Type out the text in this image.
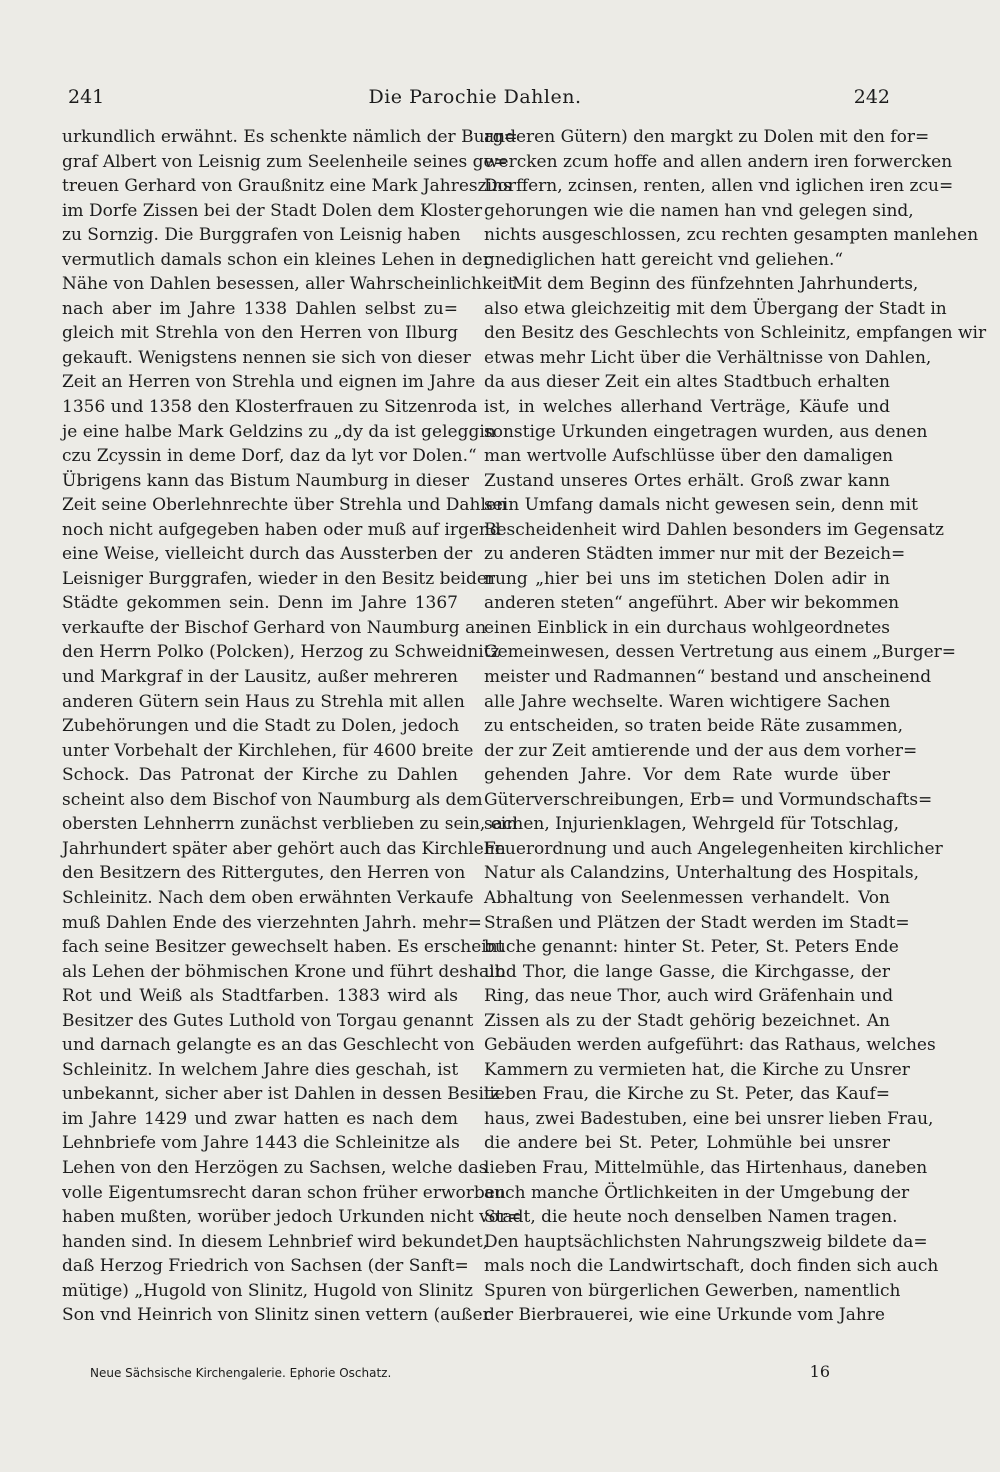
241	Die Parochie Dahlen.	242
urkundlich erwähnt. Es schenkte nämlich der Burg=
graf Albert von Leisnig zum Seelenheile seines ge=
treuen Gerhard von Graußnitz eine Mark Jahreszins
im Dorfe Zissen bei der Stadt Dolen dem Kloster
zu Sornzig. Die Burggrafen von Leisnig haben
vermutlich damals schon ein kleines Lehen in der
Nähe von Dahlen besessen, aller Wahrscheinlichkeit
nach aber im Jahre 1338 Dahlen selbst zu=
gleich mit Strehla von den Herren von Ilburg
gekauft. Wenigstens nennen sie sich von dieser
Zeit an Herren von Strehla und eignen im Jahre
1356 und 1358 den Klosterfrauen zu Sitzenroda
je eine halbe Mark Geldzins zu „dy da ist geleggin
czu Zcyssin in deme Dorf, daz da lyt vor Dolen.“
Übrigens kann das Bistum Naumburg in dieser
Zeit seine Oberlehnrechte über Strehla und Dahlen
noch nicht aufgegeben haben oder muß auf irgend
eine Weise, vielleicht durch das Aussterben der
Leisniger Burggrafen, wieder in den Besitz beider
Städte gekommen sein. Denn im Jahre 1367
verkaufte der Bischof Gerhard von Naumburg an
den Herrn Polko (Polcken), Herzog zu Schweidnitz
und Markgraf in der Lausitz, außer mehreren
anderen Gütern sein Haus zu Strehla mit allen
Zubehörungen und die Stadt zu Dolen, jedoch
unter Vorbehalt der Kirchlehen, für 4600 breite
Schock. Das Patronat der Kirche zu Dahlen
scheint also dem Bischof von Naumburg als dem
obersten Lehnherrn zunächst verblieben zu sein, ein
Jahrhundert später aber gehört auch das Kirchlehn
den Besitzern des Rittergutes, den Herren von
Schleinitz. Nach dem oben erwähnten Verkaufe
muß Dahlen Ende des vierzehnten Jahrh. mehr=
fach seine Besitzer gewechselt haben. Es erscheint
als Lehen der böhmischen Krone und führt deshalb
Rot und Weiß als Stadtfarben. 1383 wird als
Besitzer des Gutes Luthold von Torgau genannt
und darnach gelangte es an das Geschlecht von
Schleinitz. In welchem Jahre dies geschah, ist
unbekannt, sicher aber ist Dahlen in dessen Besitz
im Jahre 1429 und zwar hatten es nach dem
Lehnbriefe vom Jahre 1443 die Schleinitze als
Lehen von den Herzögen zu Sachsen, welche das
volle Eigentumsrecht daran schon früher erworben
haben mußten, worüber jedoch Urkunden nicht vor=
handen sind. In diesem Lehnbrief wird bekundet,
daß Herzog Friedrich von Sachsen (der Sanft=
mütige) „Hugold von Slinitz, Hugold von Slinitz
Son vnd Heinrich von Slinitz sinen vettern (außer
anderen Gütern) den margkt zu Dolen mit den for=
wercken zcum hoffe and allen andern iren forwercken
Dorffern, zcinsen, renten, allen vnd iglichen iren zcu=
gehorungen wie die namen han vnd gelegen sind,
nichts ausgeschlossen, zcu rechten gesampten manlehen
gnediglichen hatt gereicht vnd geliehen.“
Mit dem Beginn des fünfzehnten Jahrhunderts,
also etwa gleichzeitig mit dem Übergang der Stadt in
den Besitz des Geschlechts von Schleinitz, empfangen wir
etwas mehr Licht über die Verhältnisse von Dahlen,
da aus dieser Zeit ein altes Stadtbuch erhalten
ist, in welches allerhand Verträge, Käufe und
sonstige Urkunden eingetragen wurden, aus denen
man wertvolle Aufschlüsse über den damaligen
Zustand unseres Ortes erhält. Groß zwar kann
sein Umfang damals nicht gewesen sein, denn mit
Bescheidenheit wird Dahlen besonders im Gegensatz
zu anderen Städten immer nur mit der Bezeich=
nung „hier bei uns im stetichen Dolen adir in
anderen steten“ angeführt. Aber wir bekommen
einen Einblick in ein durchaus wohlgeordnetes
Gemeinwesen, dessen Vertretung aus einem „Burger=
meister und Radmannen“ bestand und anscheinend
alle Jahre wechselte. Waren wichtigere Sachen
zu entscheiden, so traten beide Räte zusammen,
der zur Zeit amtierende und der aus dem vorher=
gehenden Jahre. Vor dem Rate wurde über
Güterverschreibungen, Erb= und Vormundschafts=
sachen, Injurienklagen, Wehrgeld für Totschlag,
Feuerordnung und auch Angelegenheiten kirchlicher
Natur als Calandzins, Unterhaltung des Hospitals,
Abhaltung von Seelenmessen verhandelt. Von
Straßen und Plätzen der Stadt werden im Stadt=
buche genannt: hinter St. Peter, St. Peters Ende
und Thor, die lange Gasse, die Kirchgasse, der
Ring, das neue Thor, auch wird Gräfenhain und
Zissen als zu der Stadt gehörig bezeichnet. An
Gebäuden werden aufgeführt: das Rathaus, welches
Kammern zu vermieten hat, die Kirche zu Unsrer
lieben Frau, die Kirche zu St. Peter, das Kauf=
haus, zwei Badestuben, eine bei unsrer lieben Frau,
die andere bei St. Peter, Lohmühle bei unsrer
lieben Frau, Mittelmühle, das Hirtenhaus, daneben
auch manche Örtlichkeiten in der Umgebung der
Stadt, die heute noch denselben Namen tragen.
Den hauptsächlichsten Nahrungszweig bildete da=
mals noch die Landwirtschaft, doch finden sich auch
Spuren von bürgerlichen Gewerben, namentlich
der Bierbrauerei, wie eine Urkunde vom Jahre
Neue Sächsische Kirchengalerie. Ephorie Oschatz.	16
